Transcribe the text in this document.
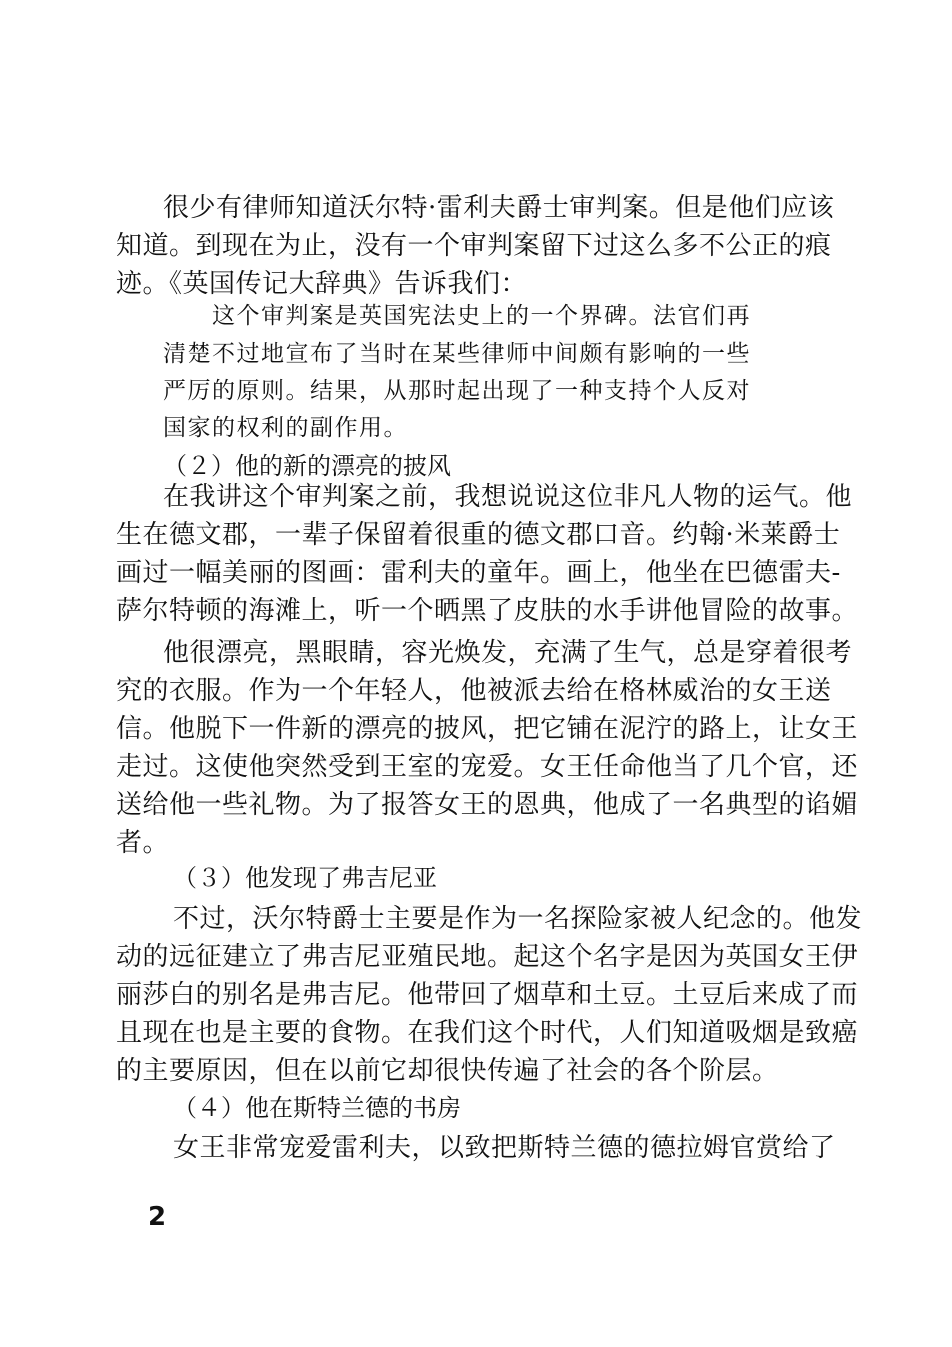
很少有律师知道沃尔特·雷利夫爵士审判案。但是他们应该
知道。到现在为止，没有一个审判案留下过这么多不公正的痕
迹。《英国传记大辞典》告诉我们：
这个审判案是英国宪法史上的一个界碑。法官们再
清楚不过地宣布了当时在某些律师中间颇有影响的一些
严厉的原则。结果，从那时起出现了一种支持个人反对
国家的权利的副作用。
（２）他的新的漂亮的披风
在我讲这个审判案之前，我想说说这位非凡人物的运气。他
生在德文郡，一辈子保留着很重的德文郡口音。约翰·米莱爵士
画过一幅美丽的图画：雷利夫的童年。画上，他坐在巴德雷夫-
萨尔特顿的海滩上，听一个晒黑了皮肤的水手讲他冒险的故事。
他很漂亮，黑眼睛，容光焕发，充满了生气，总是穿着很考
究的衣服。作为一个年轻人，他被派去给在格林威治的女王送
信。他脱下一件新的漂亮的披风，把它铺在泥泞的路上，让女王
走过。这使他突然受到王室的宠爱。女王任命他当了几个官，还
送给他一些礼物。为了报答女王的恩典，他成了一名典型的谄媚
者。
（３）他发现了弗吉尼亚
不过，沃尔特爵士主要是作为一名探险家被人纪念的。他发
动的远征建立了弗吉尼亚殖民地。起这个名字是因为英国女王伊
丽莎白的别名是弗吉尼。他带回了烟草和土豆。土豆后来成了而
且现在也是主要的食物。在我们这个时代，人们知道吸烟是致癌
的主要原因，但在以前它却很快传遍了社会的各个阶层。
（４）他在斯特兰德的书房
女王非常宠爱雷利夫，以致把斯特兰德的德拉姆官赏给了
2
